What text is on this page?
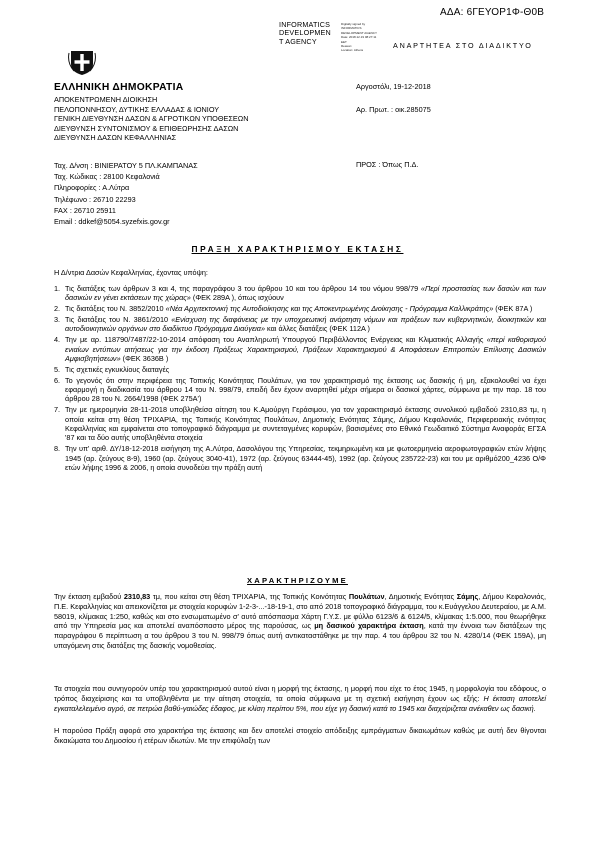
ΑΔΑ: 6ΓΕΥΟΡ1Φ-Θ0Β
INFORMATICS
DEVELOPMEN
T AGENCY
Digitally signed by
INFORMATICS
DEVELOPMENT AGENCY
Date: 2018.12.19 08:27:11
EET
Reason:
Location: Athens
ΑΝΑΡΤΗΤΕΑ ΣΤΟ ΔΙΑΔΙΚΤΥΟ
ΕΛΛΗΝΙΚΗ ΔΗΜΟΚΡΑΤΙΑ
ΑΠΟΚΕΝΤΡΩΜΕΝΗ ΔΙΟΙΚΗΣΗ
ΠΕΛΟΠΟΝΝΗΣΟΥ, ΔΥΤΙΚΗΣ ΕΛΛΑΔΑΣ & ΙΟΝΙΟΥ
ΓΕΝΙΚΗ ΔΙΕΥΘΥΝΣΗ ΔΑΣΩΝ & ΑΓΡΟΤΙΚΩΝ ΥΠΟΘΕΣΕΩΝ
ΔΙΕΥΘΥΝΣΗ ΣΥΝΤΟΝΙΣΜΟΥ & ΕΠΙΘΕΩΡΗΣΗΣ ΔΑΣΩΝ
ΔΙΕΥΘΥΝΣΗ ΔΑΣΩΝ ΚΕΦΑΛΛΗΝΙΑΣ
Αργοστόλι, 19-12-2018
Αρ. Πρωτ. : οικ.285075
Ταχ. Δ/νση : ΒΙΝΙΕΡΑΤΟΥ 5 ΠΛ.ΚΑΜΠΑΝΑΣ
Ταχ. Κώδικας : 28100 Κεφαλονιά
Πληροφορίες : Α.Λύτρα
Τηλέφωνο : 26710 22293
FAX : 26710 25911
Email : ddkef@5054.syzefxis.gov.gr
ΠΡΟΣ : Όπως Π.Δ.
ΠΡΑΞΗ ΧΑΡΑΚΤΗΡΙΣΜΟΥ ΕΚΤΑΣΗΣ
Η Δ/ντρια Δασών Κεφαλληνίας, έχοντας υπόψη:
1. Τις διατάξεις των άρθρων 3 και 4, της παραγράφου 3 του άρθρου 10 και του άρθρου 14 του νόμου 998/79 «Περί προστασίας των δασών και των δασικών εν γένει εκτάσεων της χώρας» (ΦΕΚ 289Α ), όπως ισχύουν
2. Τις διατάξεις του Ν. 3852/2010 «Νέα Αρχιτεκτονική της Αυτοδιοίκησης και της Αποκεντρωμένης Διοίκησης - Πρόγραμμα Καλλικράτης» (ΦΕΚ 87Α )
3. Τις διατάξεις του Ν. 3861/2010 «Ενίσχυση της διαφάνειας με την υποχρεωτική ανάρτηση νόμων και πράξεων των κυβερνητικών, διοικητικών και αυτοδιοικητικών οργάνων στο διαδίκτυο Πρόγραμμα Διαύγεια» και άλλες διατάξεις (ΦΕΚ 112Α )
4. Την με αρ. 118790/7487/22-10-2014 απόφαση του Αναπληρωτή Υπουργού Περιβάλλοντος Ενέργειας και Κλιματικής Αλλαγής «περί καθορισμού ενιαίων εντύπων αιτήσεως για την έκδοση Πράξεως Χαρακτηρισμού, Πράξεων Χαρακτηρισμού & Αποφάσεων Επιτροπών Επίλυσης Δασικών Αμφισβητήσεων» (ΦΕΚ 3636Β )
5. Τις σχετικές εγκυκλίους διαταγές
6. Το γεγονός ότι στην περιφέρεια της Τοπικής Κοινότητας Πουλάτων, για τον χαρακτηρισμό της έκτασης ως δασικής ή μη, εξακολουθεί να έχει εφαρμογή η διαδικασία του άρθρου 14 του Ν. 998/79, επειδή δεν έχουν αναρτηθεί μέχρι σήμερα οι δασικοί χάρτες, σύμφωνα με την παρ. 18 του άρθρου 28 του Ν. 2664/1998 (ΦΕΚ 275Α')
7. Την με ημερομηνία 28-11-2018 υποβληθείσα αίτηση του Κ.Αμούργη Γεράσιμου, για τον χαρακτηρισμό έκτασης συνολικού εμβαδού 2310,83 τμ, η οποία κείται στη θέση ΤΡΙΧΑΡΙΑ, της Τοπικής Κοινότητας Πουλάτων, Δημοτικής Ενότητας Σάμης, Δήμου Κεφαλονιάς, Περιφερειακής ενότητας Κεφαλληνίας και εμφαίνεται στο τοπογραφικό διάγραμμα με συντεταγμένες κορυφών, βασισμένες στο Εθνικό Γεωδαιτικό Σύστημα Αναφοράς ΕΓΣΑ '87 και τα δύο αυτής υποβληθέντα στοιχεία
8. Την υπ' αριθ. ΔΥ/18-12-2018 εισήγηση της Α.Λύτρα, Δασολόγου της Υπηρεσίας, τεκμηριωμένη και με φωτοερμηνεία αεροφωτογραφιών ετών λήψης 1945 (αρ. ζεύγους 8-9), 1960 (αρ. ζεύγους 3040-41), 1972 (αρ. ζεύγους 63444-45), 1992 (αρ. ζεύγους 235722-23) και του με αριθμό200_4236 Ο/Φ ετών λήψης 1996 & 2006, η οποία συνοδεύει την πράξη αυτή
ΧΑΡΑΚΤΗΡΙΖΟΥΜΕ
Την έκταση εμβαδού 2310,83 τμ, που κείται στη θέση ΤΡΙΧΑΡΙΑ, της Τοπικής Κοινότητας Πουλάτων, Δημοτικής Ενότητας Σάμης, Δήμου Κεφαλονιάς, Π.Ε. Κεφαλληνίας και απεικονίζεται με στοιχεία κορυφών 1-2-3-...-18-19-1, στο από 2018 τοπογραφικό διάγραμμα, του κ.Ευάγγελου Δευτεραίου, με Α.Μ. 58019, κλίμακας 1:250, καθώς και στο ενσωματωμένο σ' αυτό απόσπασμα Χάρτη Γ.Υ.Σ. με φύλλο 6123/6 & 6124/5, κλίμακας 1:5.000, που θεωρήθηκε από την Υπηρεσία μας και αποτελεί αναπόσπαστο μέρος της παρούσας, ως μη δασικού χαρακτήρα έκταση, κατά την έννοια των διατάξεων της παραγράφου 6 περίπτωση α του άρθρου 3 του Ν. 998/79 όπως αυτή αντικαταστάθηκε με την παρ. 4 του άρθρου 32 του Ν. 4280/14 (ΦΕΚ 159Α), μη υπαγόμενη στις διατάξεις της δασικής νομοθεσίας.
Τα στοιχεία που συνηγορούν υπέρ του χαρακτηρισμού αυτού είναι η μορφή της έκτασης, η μορφή που είχε το έτος 1945, η μορφολογία του εδάφους, ο τρόπος διαχείρισης και τα υποβληθέντα με την αίτηση στοιχεία, τα οποία σύμφωνα με τη σχετική εισήγηση έχουν ως εξής: Η έκταση αποτελεί εγκαταλελειμένο αγρό, σε πετρώα βαθύ-γαιώδες έδαφος, με κλίση περίπου 5%, που είχε γη δασική κατά το 1945 και διαχείριζεται ανέκαθεν ως δασική.
Η παρούσα Πράξη αφορά στο χαρακτήρα της έκτασης και δεν αποτελεί στοιχείο απόδειξης εμπράγματων δικαιωμάτων καθώς με αυτή δεν θίγονται δικαιώματα του Δημοσίου ή ετέρων ιδιωτών. Με την επιφύλαξη των
